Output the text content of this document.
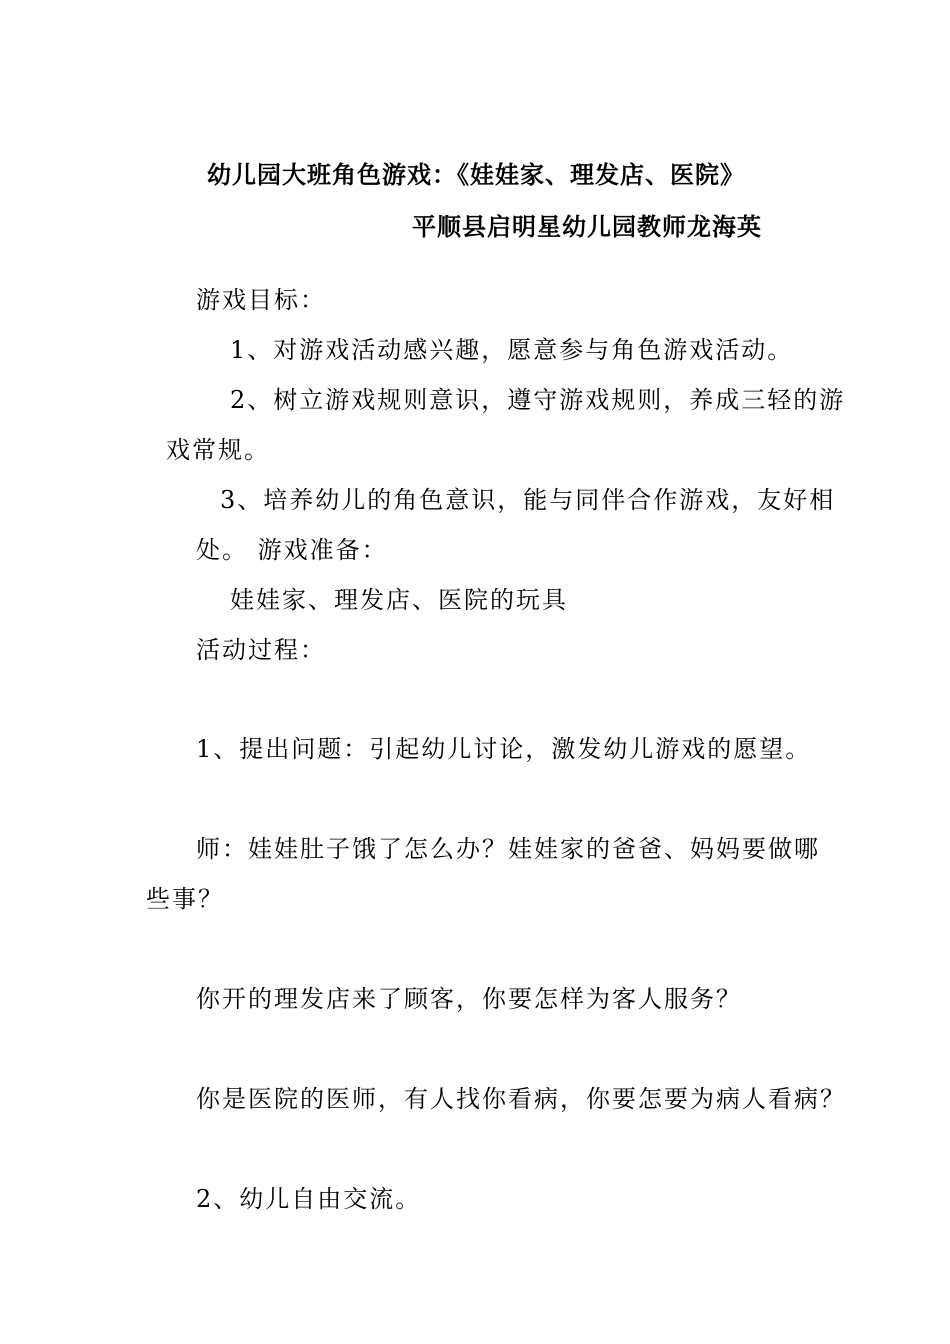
幼儿园大班角色游戏：《娃娃家、理发店、医院》
平顺县启明星幼儿园教师龙海英
游戏目标：
1、对游戏活动感兴趣，愿意参与角色游戏活动。
2、树立游戏规则意识，遵守游戏规则，养成三轻的游
戏常规。
3、培养幼儿的角色意识，能与同伴合作游戏，友好相
处。 游戏准备：
娃娃家、理发店、医院的玩具
活动过程：
1、提出问题：引起幼儿讨论，激发幼儿游戏的愿望。
师：娃娃肚子饿了怎么办？娃娃家的爸爸、妈妈要做哪
些事？
你开的理发店来了顾客，你要怎样为客人服务？
你是医院的医师，有人找你看病，你要怎要为病人看病？
2、幼儿自由交流。
